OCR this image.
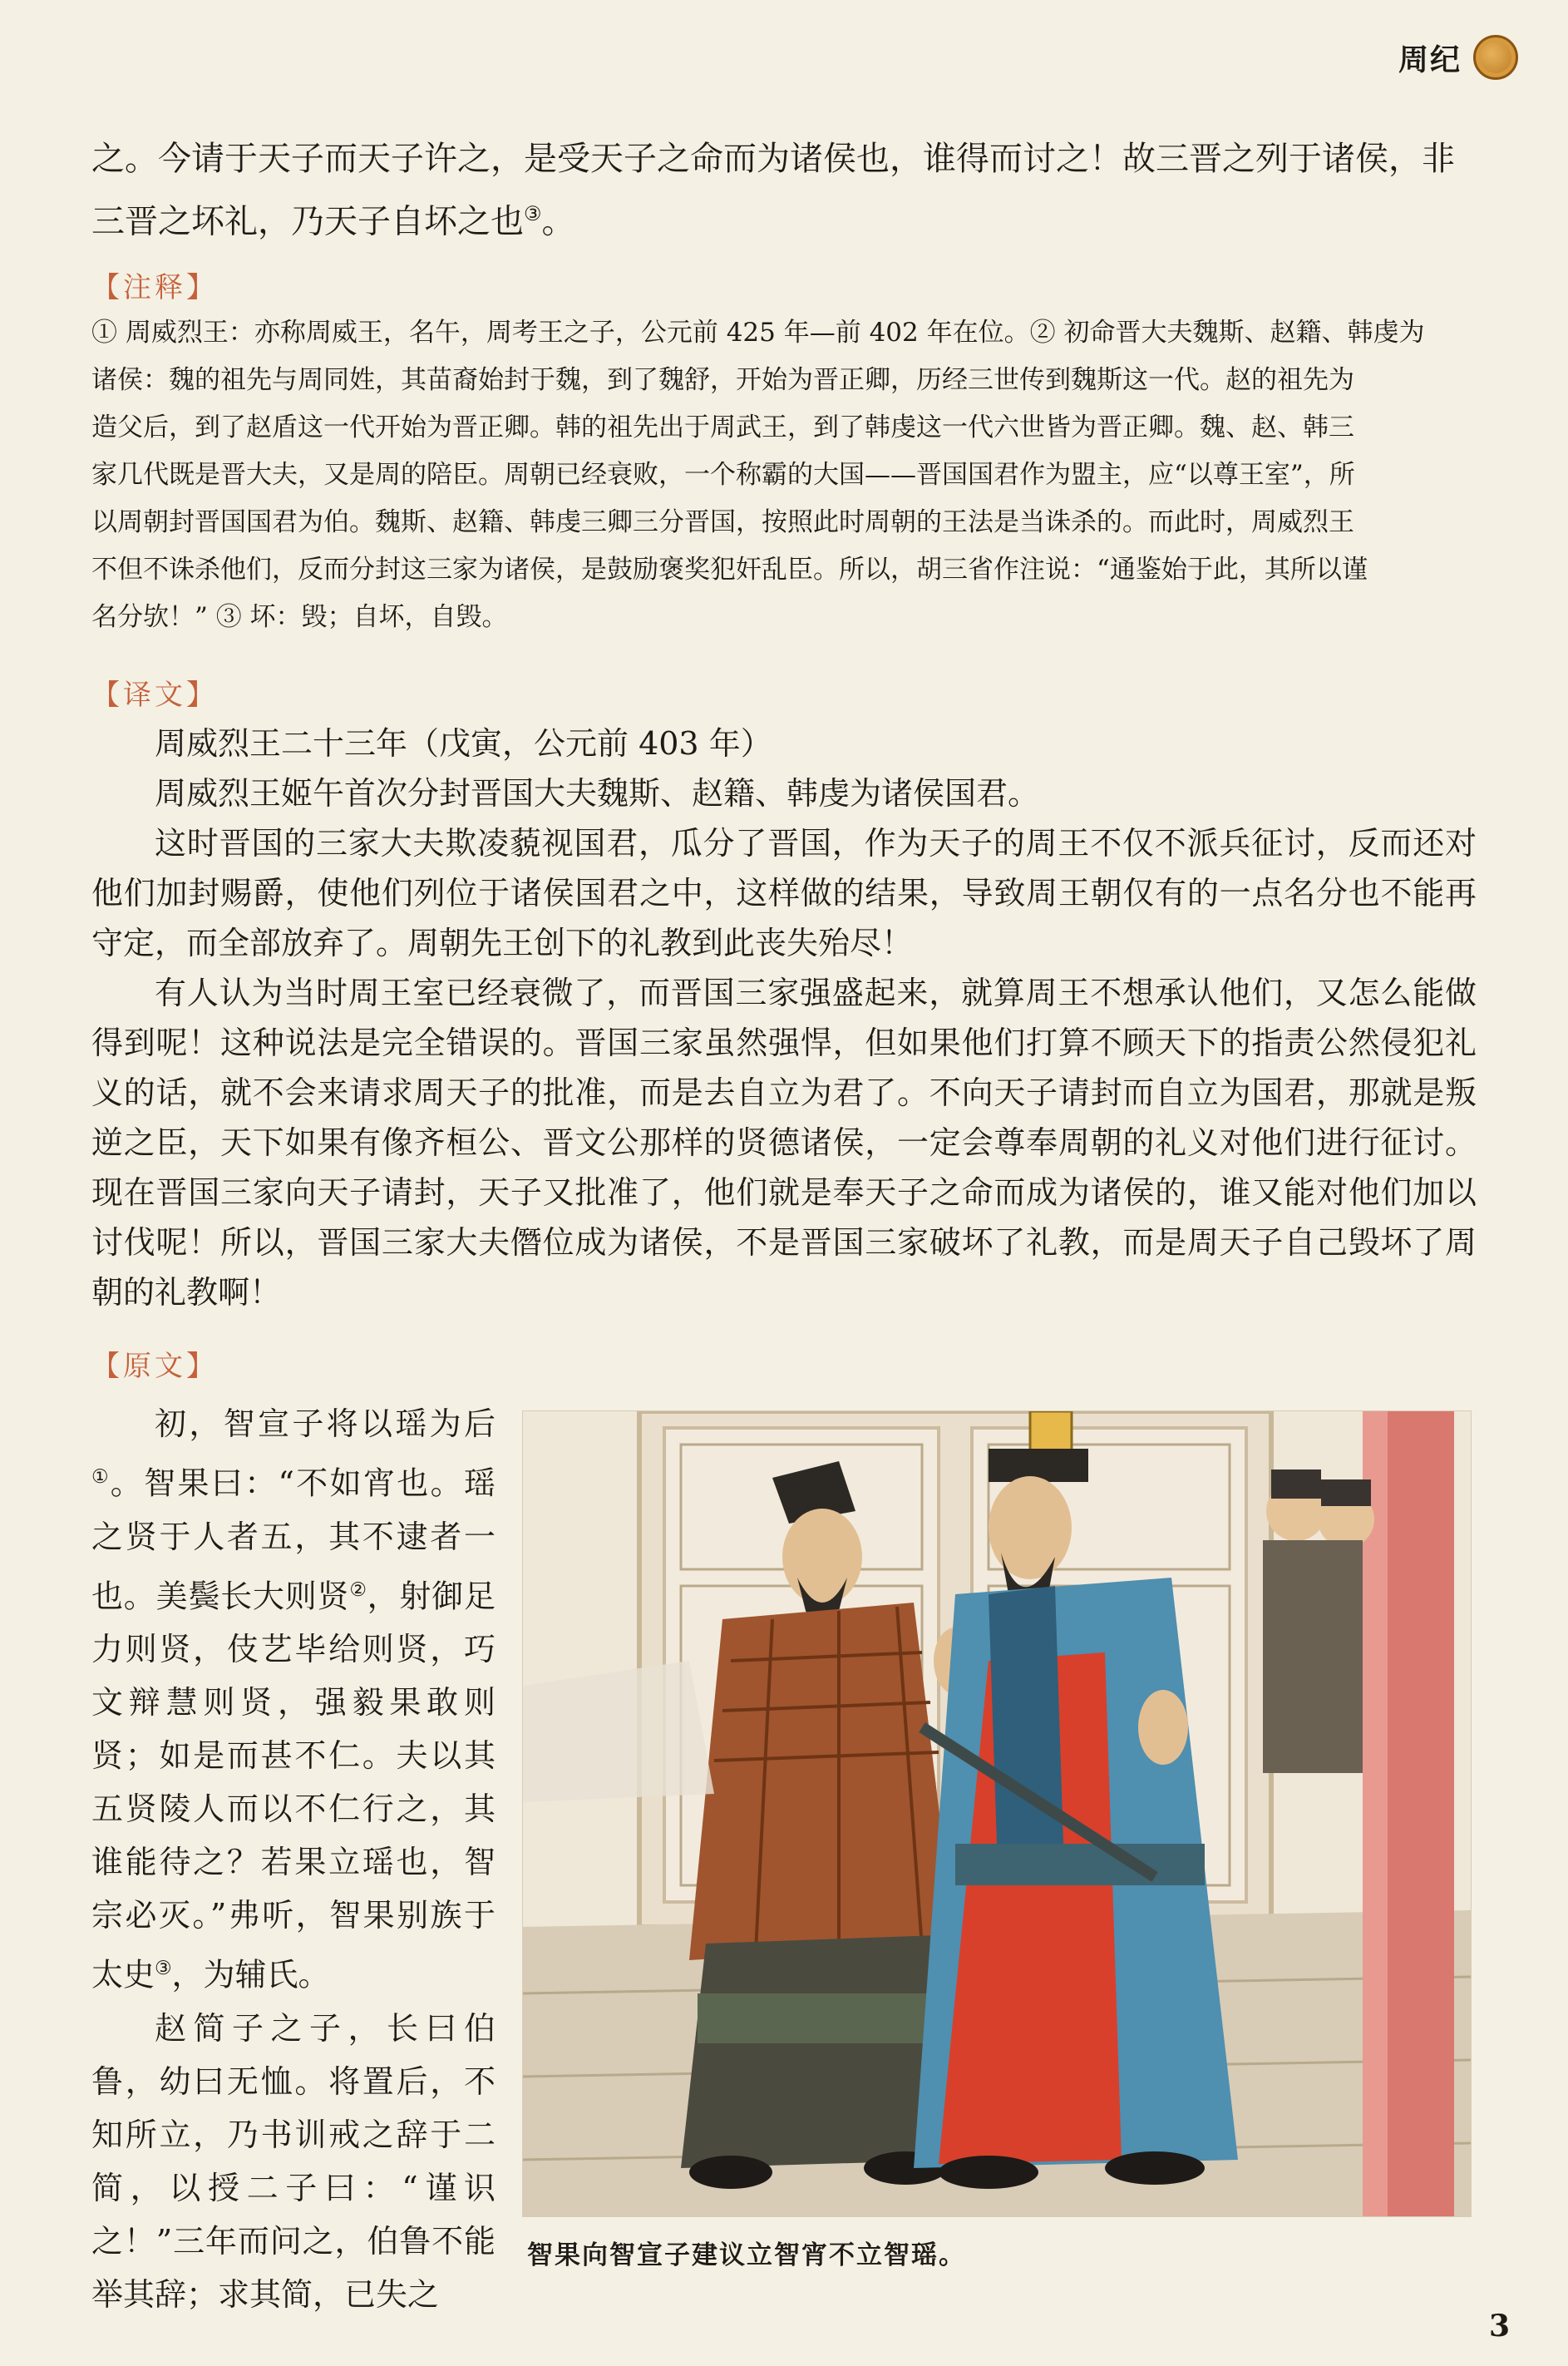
周纪

之。今请于天子而天子许之，是受天子之命而为诸侯也，谁得而讨之！故三晋之列于诸侯，非

三晋之坏礼，乃天子自坏之也③。

【注释】

① 周威烈王：亦称周威王，名午，周考王之子，公元前 425 年—前 402 年在位。② 初命晋大夫魏斯、赵籍、韩虔为

诸侯：魏的祖先与周同姓，其苗裔始封于魏，到了魏舒，开始为晋正卿，历经三世传到魏斯这一代。赵的祖先为

造父后，到了赵盾这一代开始为晋正卿。韩的祖先出于周武王，到了韩虔这一代六世皆为晋正卿。魏、赵、韩三

家几代既是晋大夫，又是周的陪臣。周朝已经衰败，一个称霸的大国——晋国国君作为盟主，应“以尊王室”，所

以周朝封晋国国君为伯。魏斯、赵籍、韩虔三卿三分晋国，按照此时周朝的王法是当诛杀的。而此时，周威烈王

不但不诛杀他们，反而分封这三家为诸侯，是鼓励褒奖犯奸乱臣。所以，胡三省作注说：“通鉴始于此，其所以谨

名分欤！” ③ 坏：毁；自坏，自毁。

【译文】

周威烈王二十三年（戊寅，公元前 403 年）

周威烈王姬午首次分封晋国大夫魏斯、赵籍、韩虔为诸侯国君。

这时晋国的三家大夫欺凌藐视国君，瓜分了晋国，作为天子的周王不仅不派兵征讨，反而还对他们加封赐爵，使他们列位于诸侯国君之中，这样做的结果，导致周王朝仅有的一点名分也不能再守定，而全部放弃了。周朝先王创下的礼教到此丧失殆尽！

有人认为当时周王室已经衰微了，而晋国三家强盛起来，就算周王不想承认他们，又怎么能做得到呢！这种说法是完全错误的。晋国三家虽然强悍，但如果他们打算不顾天下的指责公然侵犯礼义的话，就不会来请求周天子的批准，而是去自立为君了。不向天子请封而自立为国君，那就是叛逆之臣，天下如果有像齐桓公、晋文公那样的贤德诸侯，一定会尊奉周朝的礼义对他们进行征讨。现在晋国三家向天子请封，天子又批准了，他们就是奉天子之命而成为诸侯的，谁又能对他们加以讨伐呢！所以，晋国三家大夫僭位成为诸侯，不是晋国三家破坏了礼教，而是周天子自己毁坏了周朝的礼教啊！

【原文】

初，智宣子将以瑶为后①。智果曰：“不如宵也。瑶之贤于人者五，其不逮者一也。美鬓长大则贤②，射御足力则贤，伎艺毕给则贤，巧文辩慧则贤，强毅果敢则贤；如是而甚不仁。夫以其五贤陵人而以不仁行之，其谁能待之？若果立瑶也，智宗必灭。”弗听，智果别族于太史③，为辅氏。

赵简子之子，长曰伯鲁，幼曰无恤。将置后，不知所立，乃书训戒之辞于二简，以授二子曰：“谨识之！”三年而问之，伯鲁不能举其辞；求其简，已失之

智果向智宣子建议立智宵不立智瑶。
3
